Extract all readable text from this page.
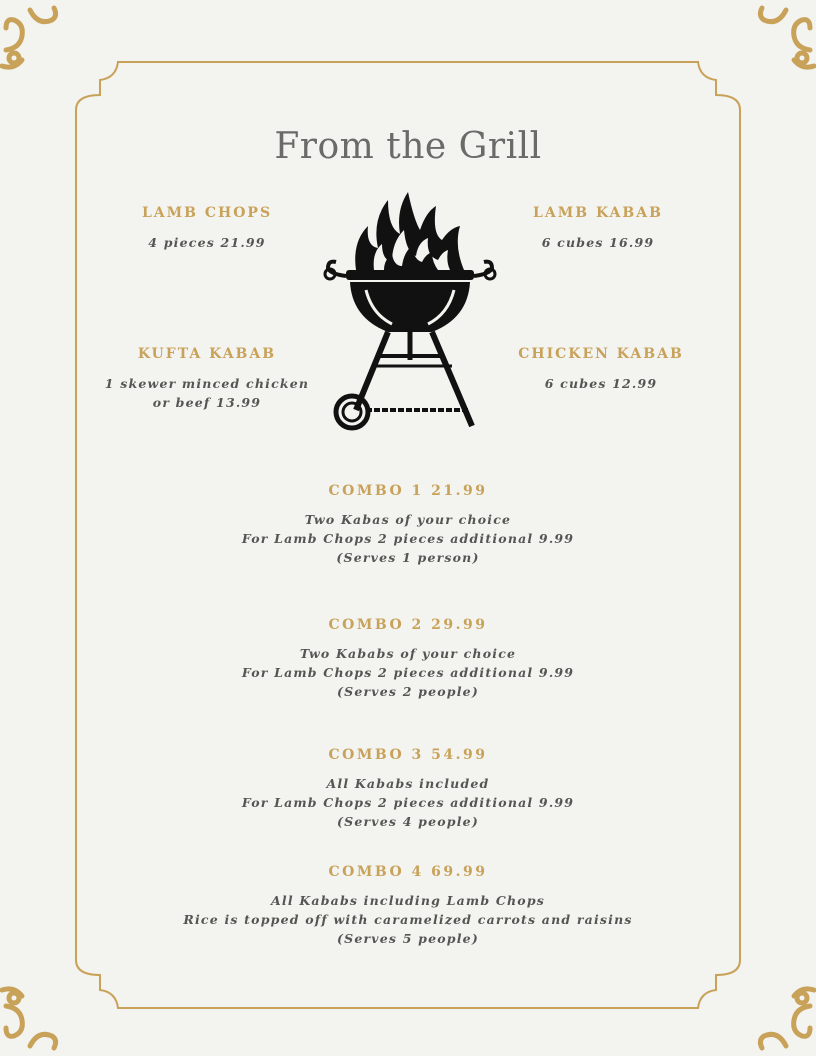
From the Grill
LAMB CHOPS
4 pieces 21.99
LAMB KABAB
6 cubes 16.99
KUFTA KABAB
1 skewer minced chicken or beef 13.99
CHICKEN KABAB
6 cubes 12.99
COMBO 1 21.99
Two Kabas of your choice
For Lamb Chops 2 pieces additional 9.99
(Serves 1 person)
COMBO 2 29.99
Two Kababs of your choice
For Lamb Chops 2 pieces additional 9.99
(Serves 2 people)
COMBO 3 54.99
All Kababs included
For Lamb Chops 2 pieces additional 9.99
(Serves 4 people)
COMBO 4 69.99
All Kababs including Lamb Chops
Rice is topped off with caramelized carrots and raisins
(Serves 5 people)
